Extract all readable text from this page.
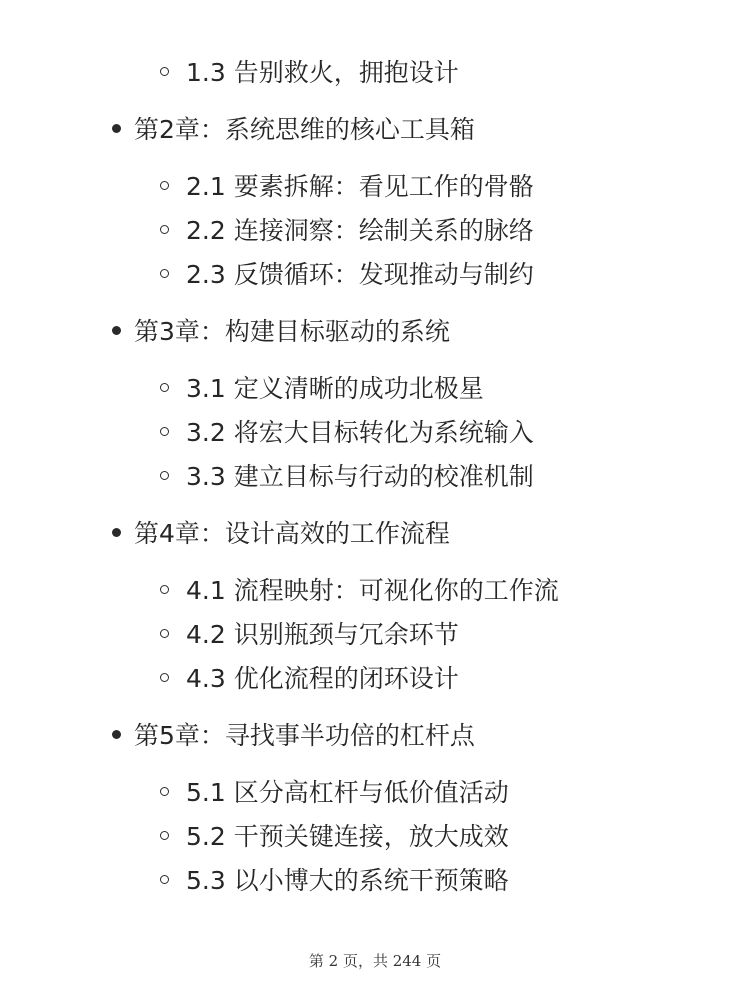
1.3 告别救火，拥抱设计
第2章：系统思维的核心工具箱
2.1 要素拆解：看见工作的骨骼
2.2 连接洞察：绘制关系的脉络
2.3 反馈循环：发现推动与制约
第3章：构建目标驱动的系统
3.1 定义清晰的成功北极星
3.2 将宏大目标转化为系统输入
3.3 建立目标与行动的校准机制
第4章：设计高效的工作流程
4.1 流程映射：可视化你的工作流
4.2 识别瓶颈与冗余环节
4.3 优化流程的闭环设计
第5章：寻找事半功倍的杠杆点
5.1 区分高杠杆与低价值活动
5.2 干预关键连接，放大成效
5.3 以小博大的系统干预策略
第 2 页，共 244 页
